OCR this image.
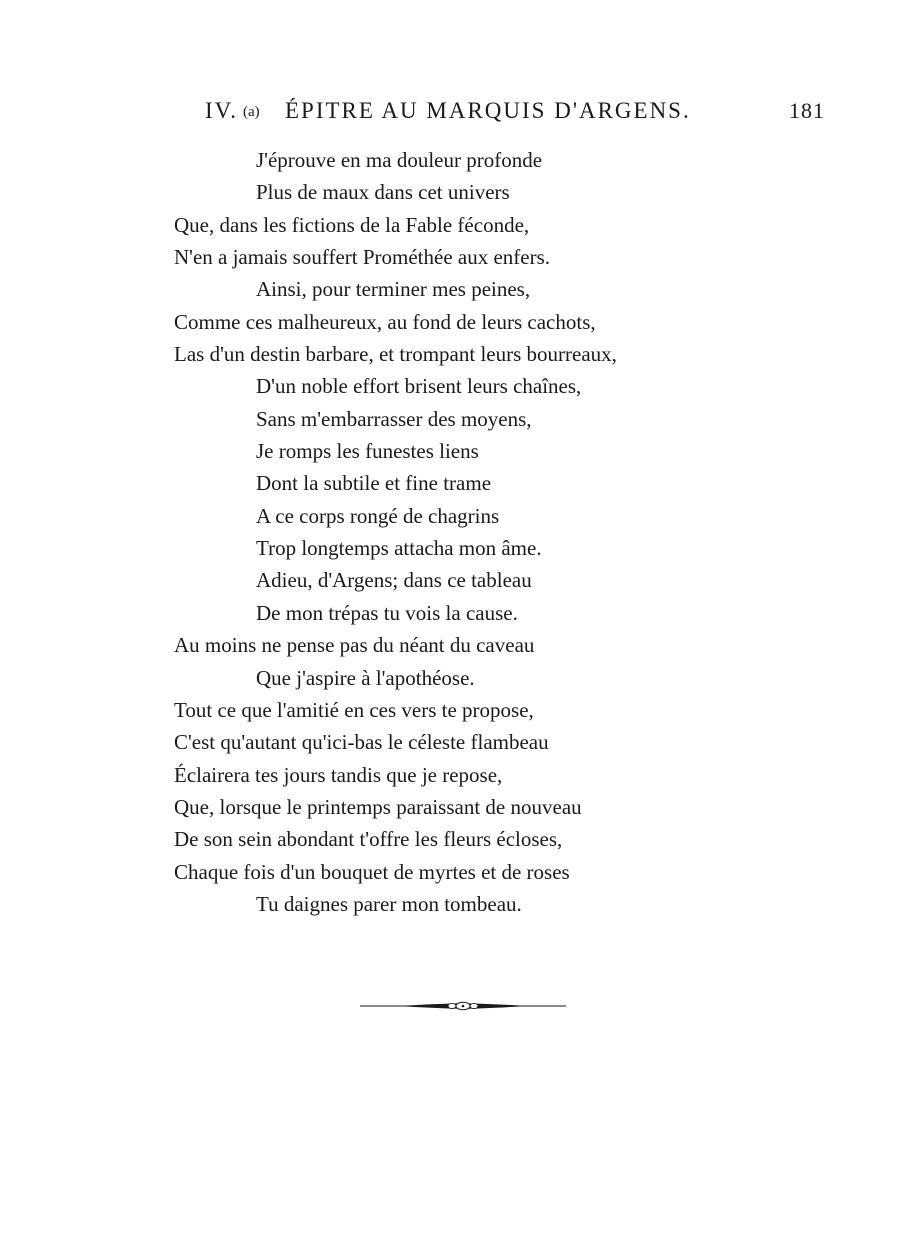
IV. (a) ÉPITRE AU MARQUIS D'ARGENS.	181
J'éprouve en ma douleur profonde
Plus de maux dans cet univers
Que, dans les fictions de la Fable féconde,
N'en a jamais souffert Prométhée aux enfers.
Ainsi, pour terminer mes peines,
Comme ces malheureux, au fond de leurs cachots,
Las d'un destin barbare, et trompant leurs bourreaux,
D'un noble effort brisent leurs chaînes,
Sans m'embarrasser des moyens,
Je romps les funestes liens
Dont la subtile et fine trame
A ce corps rongé de chagrins
Trop longtemps attacha mon âme.
Adieu, d'Argens; dans ce tableau
De mon trépas tu vois la cause.
Au moins ne pense pas du néant du caveau
Que j'aspire à l'apothéose.
Tout ce que l'amitié en ces vers te propose,
C'est qu'autant qu'ici-bas le céleste flambeau
Éclairera tes jours tandis que je repose,
Que, lorsque le printemps paraissant de nouveau
De son sein abondant t'offre les fleurs écloses,
Chaque fois d'un bouquet de myrtes et de roses
Tu daignes parer mon tombeau.
